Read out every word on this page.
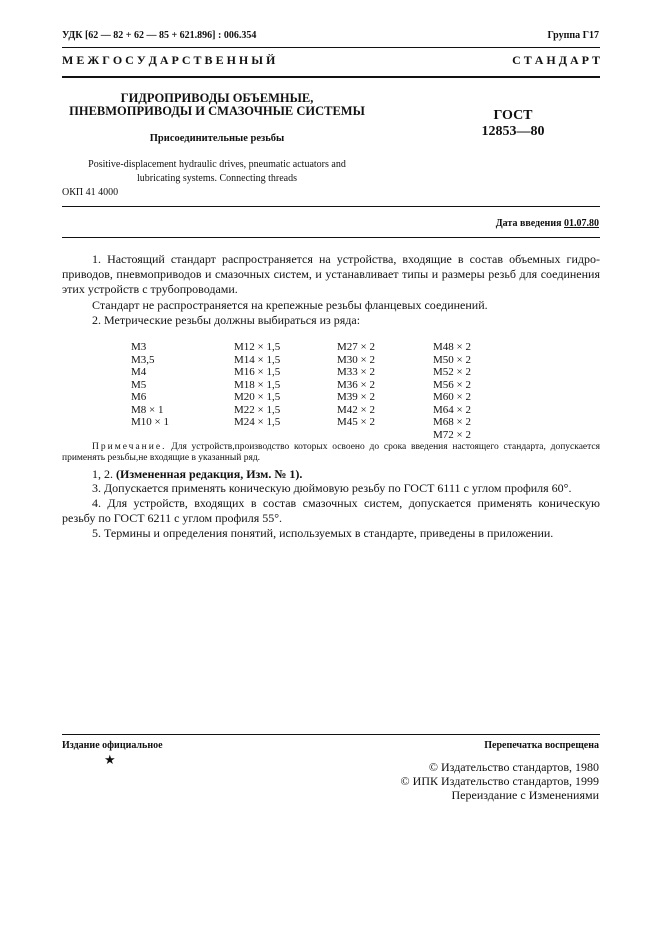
УДК [62 — 82 + 62 — 85 + 621.896] : 006.354	Группа Г17
М Е Ж Г О С У Д А Р С Т В Е Н Н Ы Й	С Т А Н Д А Р Т
ГИДРОПРИВОДЫ ОБЪЕМНЫЕ,
ПНЕВМОПРИВОДЫ И СМАЗОЧНЫЕ СИСТЕМЫ
Присоединительные резьбы
Positive-displacement hydraulic drives, pneumatic actuators and
lubricating systems. Connecting threads
ГОСТ
12853—80
ОКП 41 4000
Дата введения 01.07.80
1. Настоящий стандарт распространяется на устройства, входящие в состав объемных гидро-приводов, пневмоприводов и смазочных систем, и устанавливает типы и размеры резьб для соединения этих устройств с трубопроводами.
Стандарт не распространяется на крепежные резьбы фланцевых соединений.
2. Метрические резьбы должны выбираться из ряда:
М3
М3,5
М4
М5
М6
М8 × 1
М10 × 1
М12 × 1,5
М14 × 1,5
М16 × 1,5
М18 × 1,5
М20 × 1,5
М22 × 1,5
М24 × 1,5
М27 × 2
М30 × 2
М33 × 2
М36 × 2
М39 × 2
М42 × 2
М45 × 2
М48 × 2
М50 × 2
М52 × 2
М56 × 2
М60 × 2
М64 × 2
М68 × 2
М72 × 2
Примечание. Для устройств,производство которых освоено до срока введения настоящего стандарта, допускается применять резьбы,не входящие в указанный ряд.
1, 2. (Измененная редакция, Изм. № 1).
3. Допускается применять коническую дюймовую резьбу по ГОСТ 6111 с углом профиля 60°.
4. Для устройств, входящих в состав смазочных систем, допускается применять коническую резьбу по ГОСТ 6211 с углом профиля 55°.
5. Термины и определения понятий, используемых в стандарте, приведены в приложении.
Издание официальное
★
Перепечатка воспрещена
© Издательство стандартов, 1980
© ИПК Издательство стандартов, 1999
Переиздание с Изменениями
